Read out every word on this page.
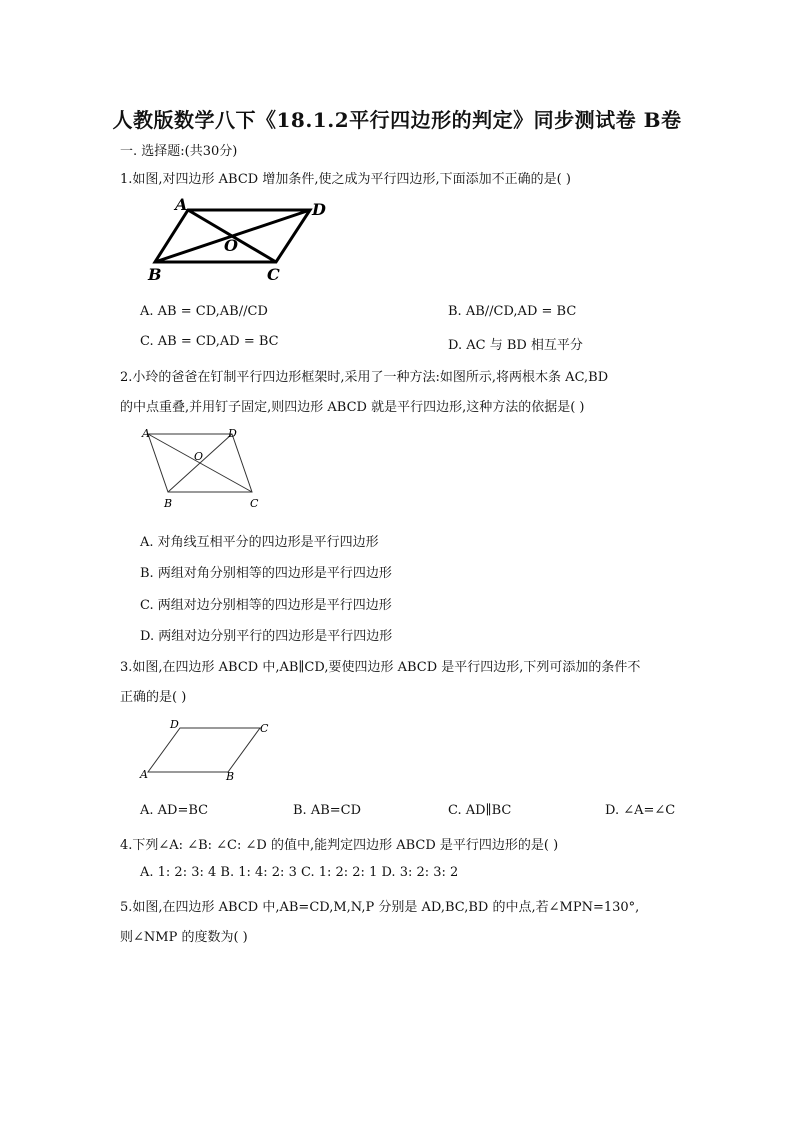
人教版数学八下《18.1.2平行四边形的判定》同步测试卷 B卷
一. 选择题:(共30分)
1.如图,对四边形 ABCD 增加条件,使之成为平行四边形,下面添加不正确的是( )
A	D
O
B	C
A. AB = CD,AB//CD	B. AB//CD,AD = BC
C. AB = CD,AD = BC	D. AC 与 BD 相互平分
2.小玲的爸爸在钉制平行四边形框架时,采用了一种方法:如图所示,将两根木条 AC,BD
的中点重叠,并用钉子固定,则四边形 ABCD 就是平行四边形,这种方法的依据是( )
A	D
O
B	C
A. 对角线互相平分的四边形是平行四边形
B. 两组对角分别相等的四边形是平行四边形
C. 两组对边分别相等的四边形是平行四边形
D. 两组对边分别平行的四边形是平行四边形
3.如图,在四边形 ABCD 中,AB∥CD,要使四边形 ABCD 是平行四边形,下列可添加的条件不
正确的是( )
D	C
A	B
A. AD=BC	B. AB=CD	C. AD∥BC	D. ∠A=∠C
4.下列∠A: ∠B: ∠C: ∠D 的值中,能判定四边形 ABCD 是平行四边形的是( )
A. 1: 2: 3: 4 B. 1: 4: 2: 3 C. 1: 2: 2: 1 D. 3: 2: 3: 2
5.如图,在四边形 ABCD 中,AB=CD,M,N,P 分别是 AD,BC,BD 的中点,若∠MPN=130°,
则∠NMP 的度数为( )
